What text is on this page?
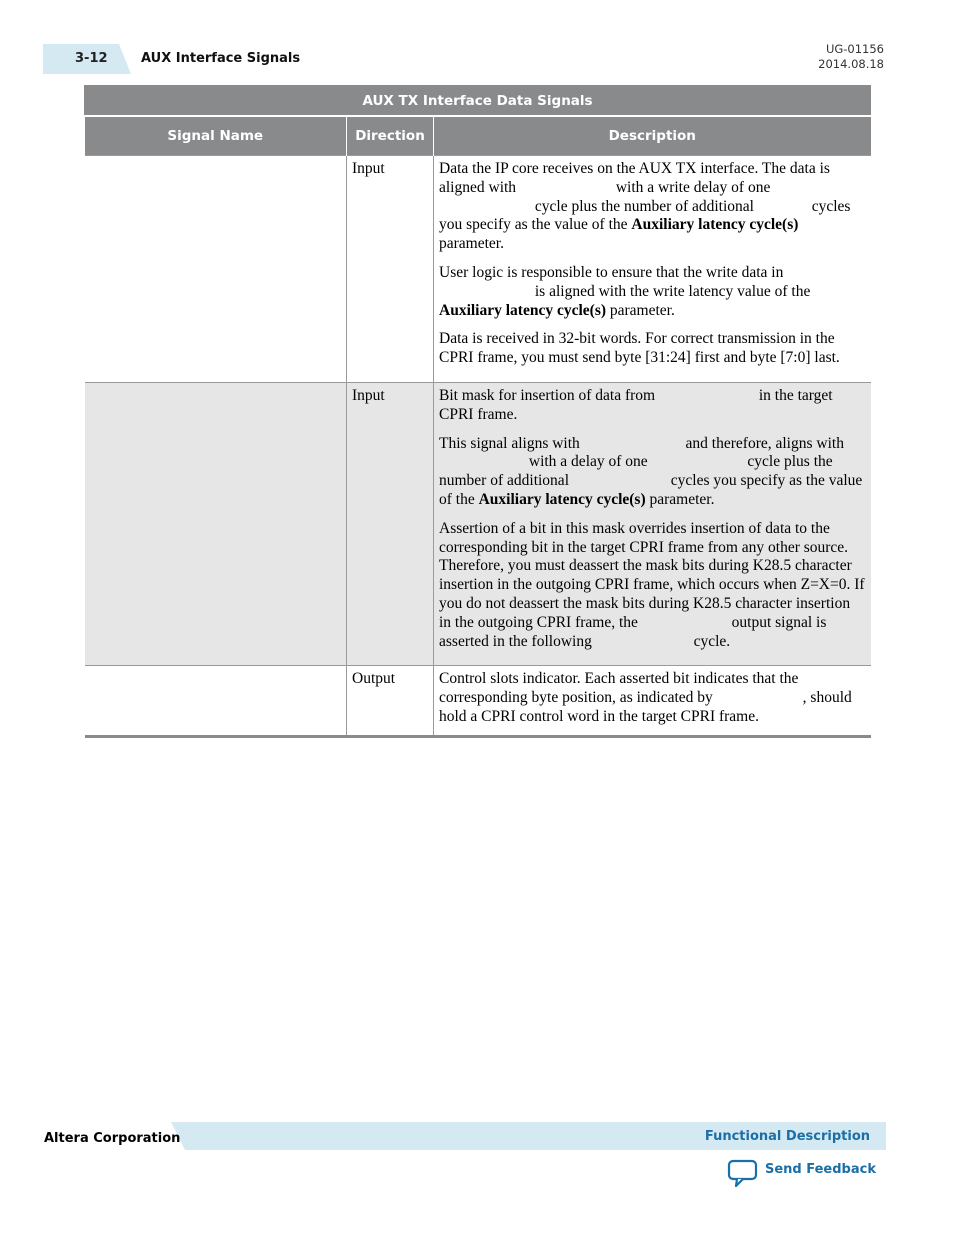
3-12	AUX Interface Signals
UG-01156
2014.08.18
AUX TX Interface Data Signals		
Signal Name	Direction	Description
	Input	Data the IP core receives on the AUX TX interface. The data is aligned with with a write delay of one  cycle plus the number of additional cycles you specify as the value of the Auxiliary latency cycle(s) parameter.

User logic is responsible to ensure that the write data in  is aligned with the write latency value of the Auxiliary latency cycle(s) parameter.

Data is received in 32-bit words. For correct transmission in the CPRI frame, you must send byte [31:24] first and byte [7:0] last.

	Input	Bit mask for insertion of data from in the target CPRI frame.

This signal aligns with and therefore, aligns with  with a delay of one cycle plus the number of additional cycles you specify as the value of the Auxiliary latency cycle(s) parameter.

Assertion of a bit in this mask overrides insertion of data to the corresponding bit in the target CPRI frame from any other source. Therefore, you must deassert the mask bits during K28.5 character insertion in the outgoing CPRI frame, which occurs when Z=X=0. If you do not deassert the mask bits during K28.5 character insertion in the outgoing CPRI frame, the output signal is asserted in the following cycle.

	Output	Control slots indicator. Each asserted bit indicates that the corresponding byte position, as indicated by , should hold a CPRI control word in the target CPRI frame.

Altera Corporation	Functional Description
Send Feedback
